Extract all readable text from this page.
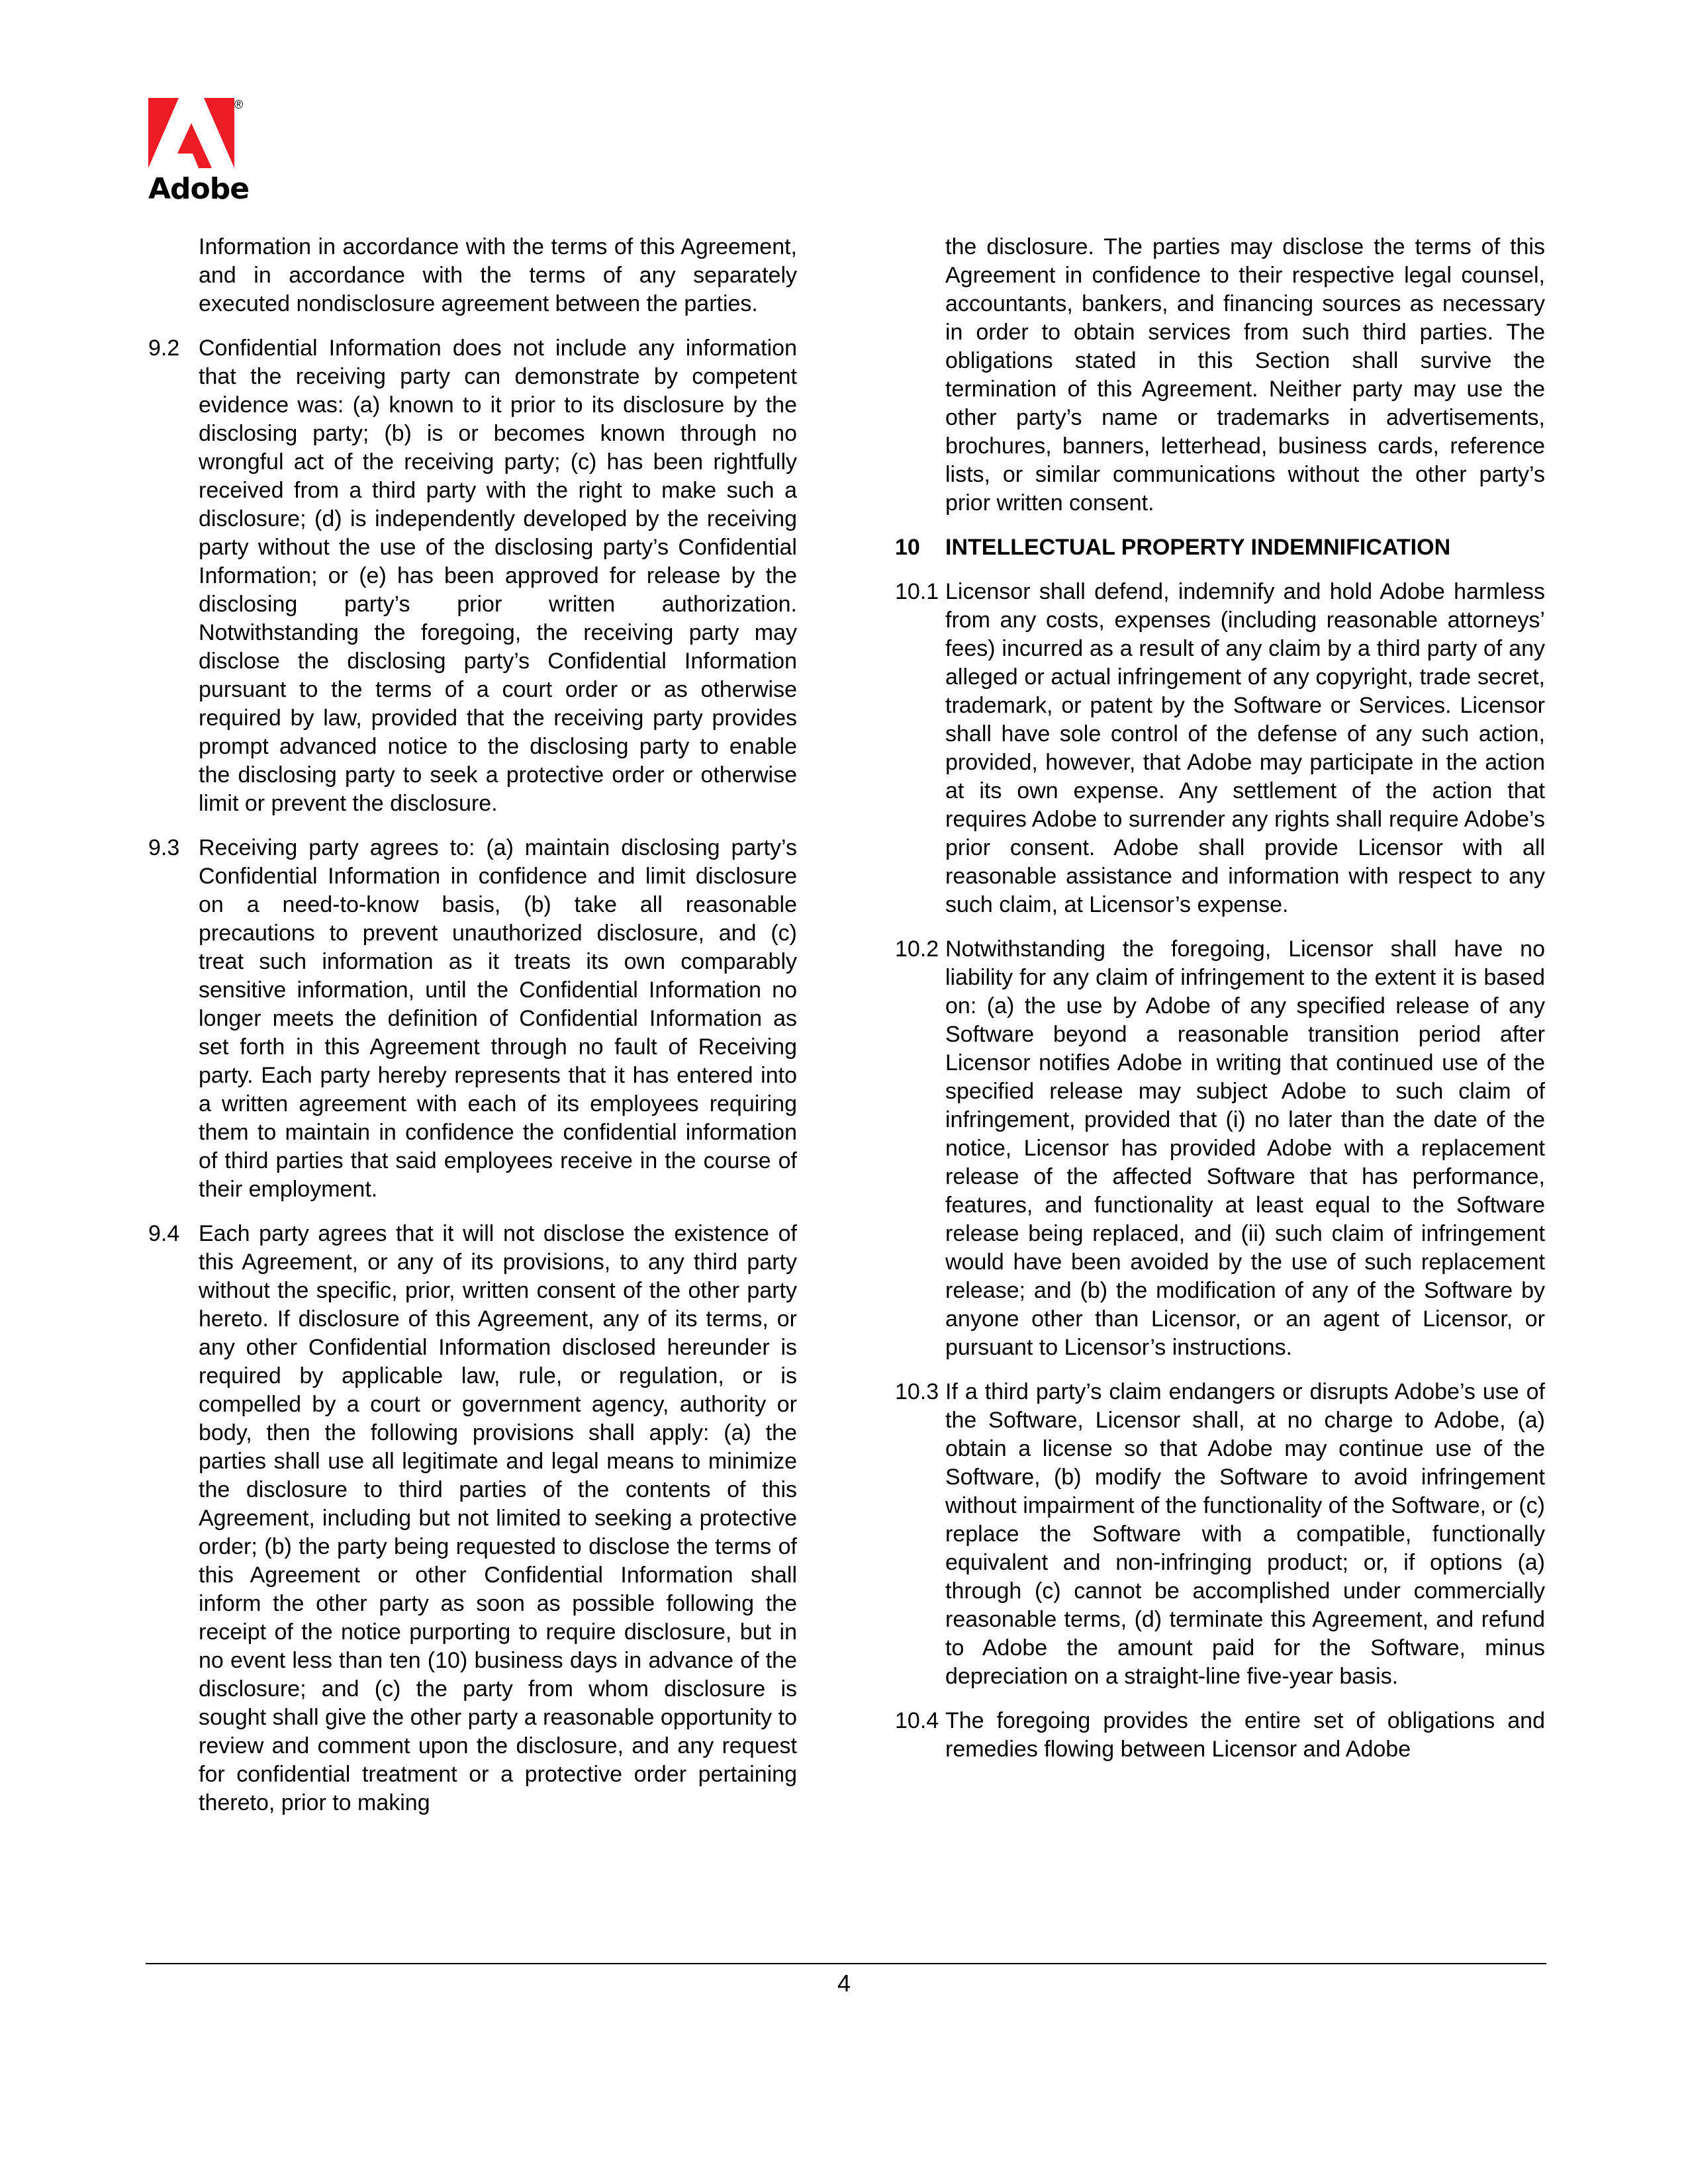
®
Adobe

Information in accordance with the terms of this Agreement, and in accordance with the terms of any separately executed nondisclosure agreement between the parties.

9.2 Confidential Information does not include any information that the receiving party can demonstrate by competent evidence was: (a) known to it prior to its disclosure by the disclosing party; (b) is or becomes known through no wrongful act of the receiving party; (c) has been rightfully received from a third party with the right to make such a disclosure; (d) is independently developed by the receiving party without the use of the disclosing party’s Confidential Information; or (e) has been approved for release by the disclosing party’s prior written authorization. Notwithstanding the foregoing, the receiving party may disclose the disclosing party’s Confidential Information pursuant to the terms of a court order or as otherwise required by law, provided that the receiving party provides prompt advanced notice to the disclosing party to enable the disclosing party to seek a protective order or otherwise limit or prevent the disclosure.

9.3 Receiving party agrees to: (a) maintain disclosing party’s Confidential Information in confidence and limit disclosure on a need-to-know basis, (b) take all reasonable precautions to prevent unauthorized disclosure, and (c) treat such information as it treats its own comparably sensitive information, until the Confidential Information no longer meets the definition of Confidential Information as set forth in this Agreement through no fault of Receiving party. Each party hereby represents that it has entered into a written agreement with each of its employees requiring them to maintain in confidence the confidential information of third parties that said employees receive in the course of their employment.

9.4 Each party agrees that it will not disclose the existence of this Agreement, or any of its provisions, to any third party without the specific, prior, written consent of the other party hereto. If disclosure of this Agreement, any of its terms, or any other Confidential Information disclosed hereunder is required by applicable law, rule, or regulation, or is compelled by a court or government agency, authority or body, then the following provisions shall apply: (a) the parties shall use all legitimate and legal means to minimize the disclosure to third parties of the contents of this Agreement, including but not limited to seeking a protective order; (b) the party being requested to disclose the terms of this Agreement or other Confidential Information shall inform the other party as soon as possible following the receipt of the notice purporting to require disclosure, but in no event less than ten (10) business days in advance of the disclosure; and (c) the party from whom disclosure is sought shall give the other party a reasonable opportunity to review and comment upon the disclosure, and any request for confidential treatment or a protective order pertaining thereto, prior to making

the disclosure. The parties may disclose the terms of this Agreement in confidence to their respective legal counsel, accountants, bankers, and financing sources as necessary in order to obtain services from such third parties. The obligations stated in this Section shall survive the termination of this Agreement. Neither party may use the other party’s name or trademarks in advertisements, brochures, banners, letterhead, business cards, reference lists, or similar communications without the other party’s prior written consent.

10 INTELLECTUAL PROPERTY INDEMNIFICATION

10.1 Licensor shall defend, indemnify and hold Adobe harmless from any costs, expenses (including reasonable attorneys’ fees) incurred as a result of any claim by a third party of any alleged or actual infringement of any copyright, trade secret, trademark, or patent by the Software or Services. Licensor shall have sole control of the defense of any such action, provided, however, that Adobe may participate in the action at its own expense. Any settlement of the action that requires Adobe to surrender any rights shall require Adobe’s prior consent. Adobe shall provide Licensor with all reasonable assistance and information with respect to any such claim, at Licensor’s expense.

10.2 Notwithstanding the foregoing, Licensor shall have no liability for any claim of infringement to the extent it is based on: (a) the use by Adobe of any specified release of any Software beyond a reasonable transition period after Licensor notifies Adobe in writing that continued use of the specified release may subject Adobe to such claim of infringement, provided that (i) no later than the date of the notice, Licensor has provided Adobe with a replacement release of the affected Software that has performance, features, and functionality at least equal to the Software release being replaced, and (ii) such claim of infringement would have been avoided by the use of such replacement release; and (b) the modification of any of the Software by anyone other than Licensor, or an agent of Licensor, or pursuant to Licensor’s instructions.

10.3 If a third party’s claim endangers or disrupts Adobe’s use of the Software, Licensor shall, at no charge to Adobe, (a) obtain a license so that Adobe may continue use of the Software, (b) modify the Software to avoid infringement without impairment of the functionality of the Software, or (c) replace the Software with a compatible, functionally equivalent and non-infringing product; or, if options (a) through (c) cannot be accomplished under commercially reasonable terms, (d) terminate this Agreement, and refund to Adobe the amount paid for the Software, minus depreciation on a straight-line five-year basis.

10.4 The foregoing provides the entire set of obligations and remedies flowing between Licensor and Adobe

4
